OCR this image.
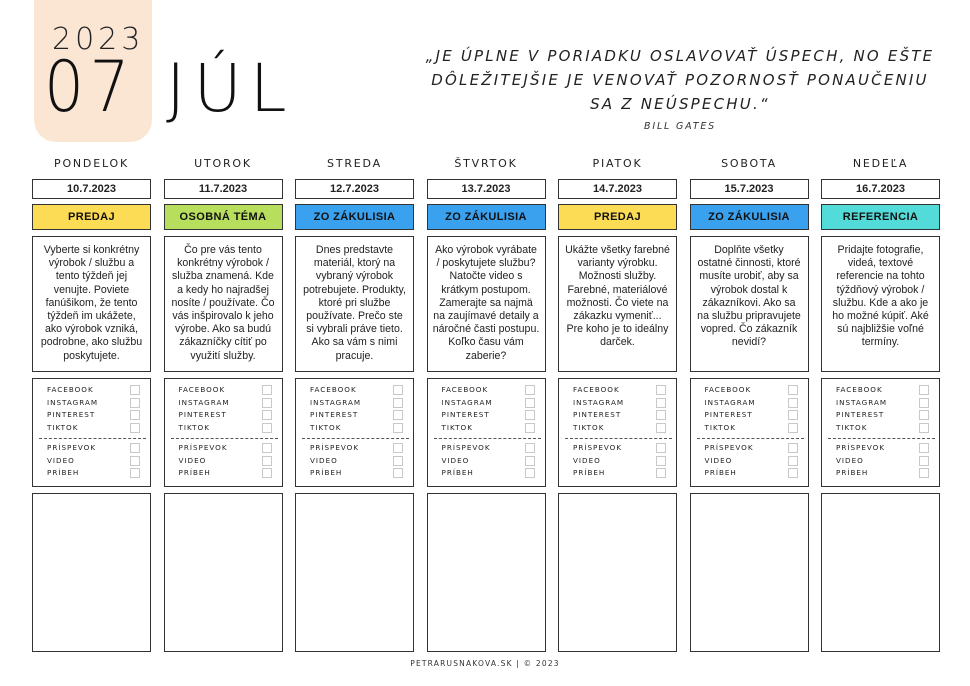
2023
07 JÚL	„JE ÚPLNE V PORIADKU OSLAVOVAŤ ÚSPECH, NO EŠTE DÔLEŽITEJŠIE JE VENOVAŤ POZORNOSŤ PONAUČENIU SA Z NEÚSPECHU.“
BILL GATES
PONDELOK
10.7.2023
PREDAJ
Vyberte si konkrétny výrobok / službu a tento týždeň jej venujte. Poviete fanúšikom, že tento týždeň im ukážete, ako výrobok vzniká, podrobne, ako službu poskytujete.
FACEBOOK
INSTAGRAM
PINTEREST
TIKTOK
PRÍSPEVOK
VIDEO
PRÍBEH
UTOROK
11.7.2023
OSOBNÁ TÉMA
Čo pre vás tento konkrétny výrobok / služba znamená. Kde a kedy ho najradšej nosíte / používate. Čo vás inšpirovalo k jeho výrobe. Ako sa budú zákazníčky cítiť po využití služby.
FACEBOOK
INSTAGRAM
PINTEREST
TIKTOK
PRÍSPEVOK
VIDEO
PRÍBEH
STREDA
12.7.2023
ZO ZÁKULISIA
Dnes predstavte materiál, ktorý na vybraný výrobok potrebujete. Produkty, ktoré pri službe používate. Prečo ste si vybrali práve tieto. Ako sa vám s nimi pracuje.
FACEBOOK
INSTAGRAM
PINTEREST
TIKTOK
PRÍSPEVOK
VIDEO
PRÍBEH
ŠTVRTOK
13.7.2023
ZO ZÁKULISIA
Ako výrobok vyrábate / poskytujete službu? Natočte video s krátkym postupom. Zamerajte sa najmä na zaujímavé detaily a náročné časti postupu. Koľko času vám zaberie?
FACEBOOK
INSTAGRAM
PINTEREST
TIKTOK
PRÍSPEVOK
VIDEO
PRÍBEH
PIATOK
14.7.2023
PREDAJ
Ukážte všetky farebné varianty výrobku. Možnosti služby. Farebné, materiálové možnosti. Čo viete na zákazku vymeniť... Pre koho je to ideálny darček.
FACEBOOK
INSTAGRAM
PINTEREST
TIKTOK
PRÍSPEVOK
VIDEO
PRÍBEH
SOBOTA
15.7.2023
ZO ZÁKULISIA
Doplňte všetky ostatné činnosti, ktoré musíte urobiť, aby sa výrobok dostal k zákazníkovi. Ako sa na službu pripravujete vopred. Čo zákazník nevidí?
FACEBOOK
INSTAGRAM
PINTEREST
TIKTOK
PRÍSPEVOK
VIDEO
PRÍBEH
NEDEĽA
16.7.2023
REFERENCIA
Pridajte fotografie, videá, textové referencie na tohto týždňový výrobok / službu. Kde a ako je ho možné kúpiť. Aké sú najbližšie voľné termíny.
FACEBOOK
INSTAGRAM
PINTEREST
TIKTOK
PRÍSPEVOK
VIDEO
PRÍBEH
PETRARUSNAKOVA.SK | © 2023
